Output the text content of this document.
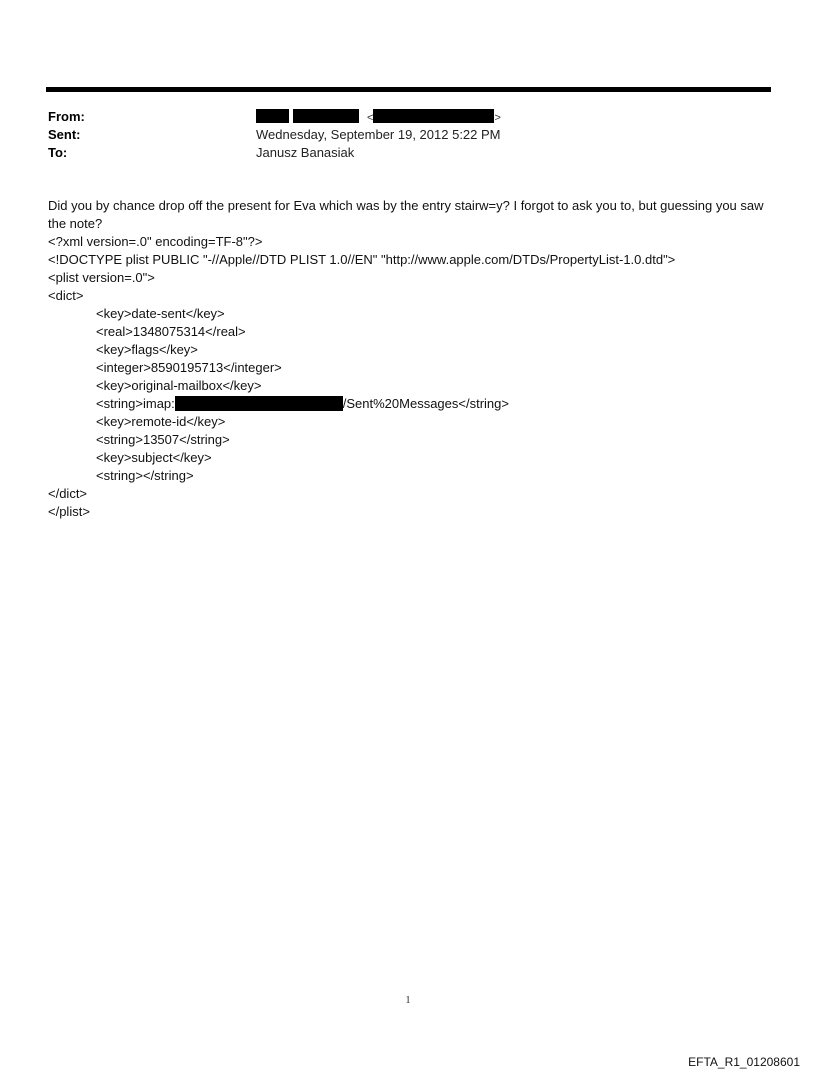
From:	<	>
Sent:	Wednesday, September 19, 2012 5:22 PM
To:	Janusz Banasiak

Did you by chance drop off the present for Eva which was by the entry stairw=y? I forgot to ask you to, but guessing you saw the note?

<?xml version=.0" encoding=TF-8"?>
<!DOCTYPE plist PUBLIC "-//Apple//DTD PLIST 1.0//EN" "http://www.apple.com/DTDs/PropertyList-1.0.dtd">
<plist version=.0">
<dict>
<key>date-sent</key>
<real>1348075314</real>
<key>flags</key>
<integer>8590195713</integer>
<key>original-mailbox</key>
<string>imap:	/Sent%20Messages</string>
<key>remote-id</key>
<string>13507</string>
<key>subject</key>
<string></string>
</dict>
</plist>
1
EFTA_R1_01208601
